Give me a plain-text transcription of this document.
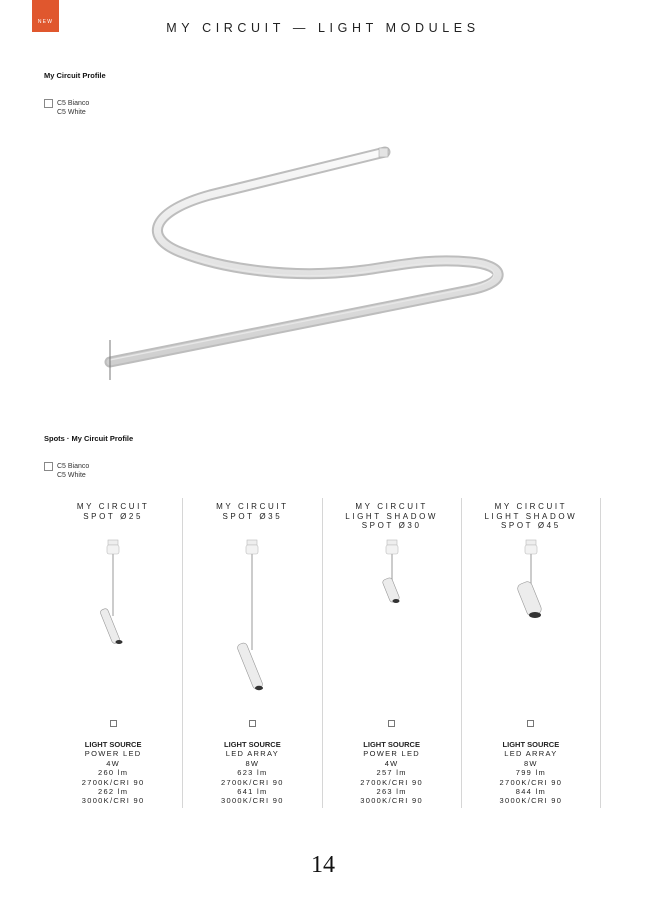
NEW	MY CIRCUIT — LIGHT MODULES
My Circuit Profile
C5 Bianco
C5 White
Spots · My Circuit Profile
C5 Bianco
C5 White
MY CIRCUIT
SPOT Ø25
LIGHT SOURCE
POWER LED
4W
260 lm
2700K/CRI 90
262 lm
3000K/CRI 90
MY CIRCUIT
SPOT Ø35
LIGHT SOURCE
LED ARRAY
8W
623 lm
2700K/CRI 90
641 lm
3000K/CRI 90
MY CIRCUIT
LIGHT SHADOW
SPOT Ø30
LIGHT SOURCE
POWER LED
4W
257 lm
2700K/CRI 90
263 lm
3000K/CRI 90
MY CIRCUIT
LIGHT SHADOW
SPOT Ø45
LIGHT SOURCE
LED ARRAY
8W
799 lm
2700K/CRI 90
844 lm
3000K/CRI 90
14
